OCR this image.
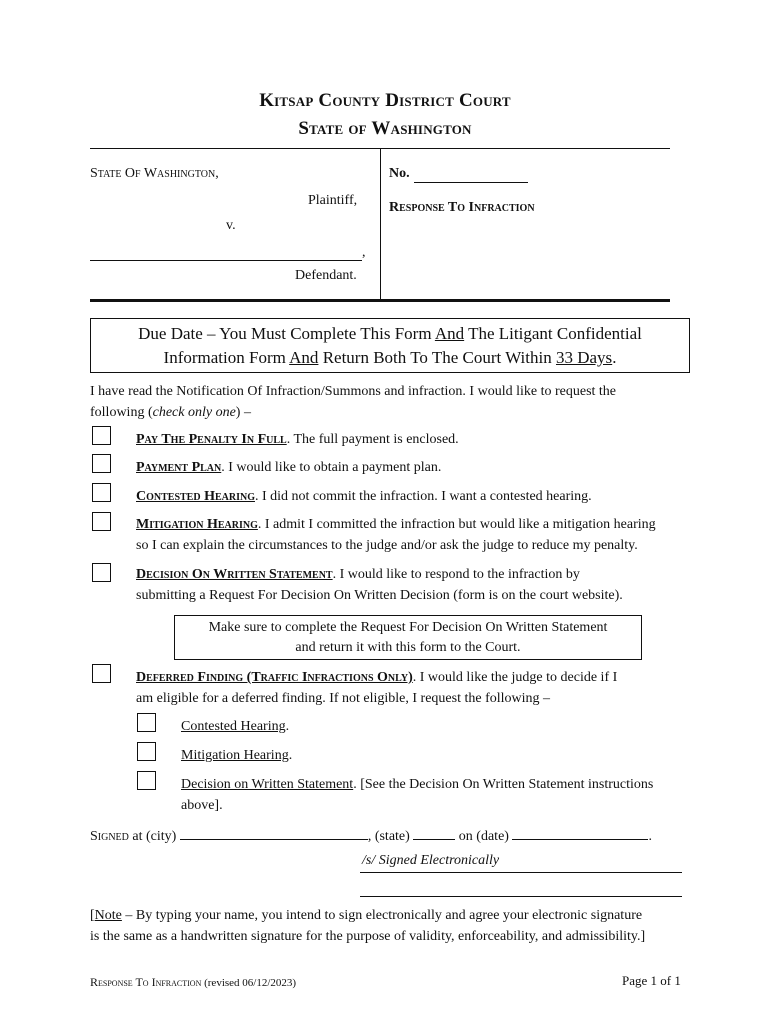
Kitsap County District Court
State of Washington
State Of Washington,
Plaintiff,
v.
,
Defendant.
No.
Response To Infraction
Due Date – You Must Complete This Form And The Litigant Confidential
Information Form And Return Both To The Court Within 33 Days.
I have read the Notification Of Infraction/Summons and infraction. I would like to request the
following (check only one) –
Pay The Penalty In Full. The full payment is enclosed.
Payment Plan. I would like to obtain a payment plan.
Contested Hearing. I did not commit the infraction. I want a contested hearing.
Mitigation Hearing. I admit I committed the infraction but would like a mitigation hearing
so I can explain the circumstances to the judge and/or ask the judge to reduce my penalty.
Decision On Written Statement. I would like to respond to the infraction by
submitting a Request For Decision On Written Decision (form is on the court website).
Make sure to complete the Request For Decision On Written Statement
and return it with this form to the Court.
Deferred Finding (Traffic Infractions Only). I would like the judge to decide if I
am eligible for a deferred finding. If not eligible, I request the following –
Contested Hearing.
Mitigation Hearing.
Decision on Written Statement. [See the Decision On Written Statement instructions
above].
Signed at (city)	, (state)	on (date)	.
/s/ Signed Electronically
[Note – By typing your name, you intend to sign electronically and agree your electronic signature
is the same as a handwritten signature for the purpose of validity, enforceability, and admissibility.]
Response To Infraction (revised 06/12/2023)	Page 1 of 1
